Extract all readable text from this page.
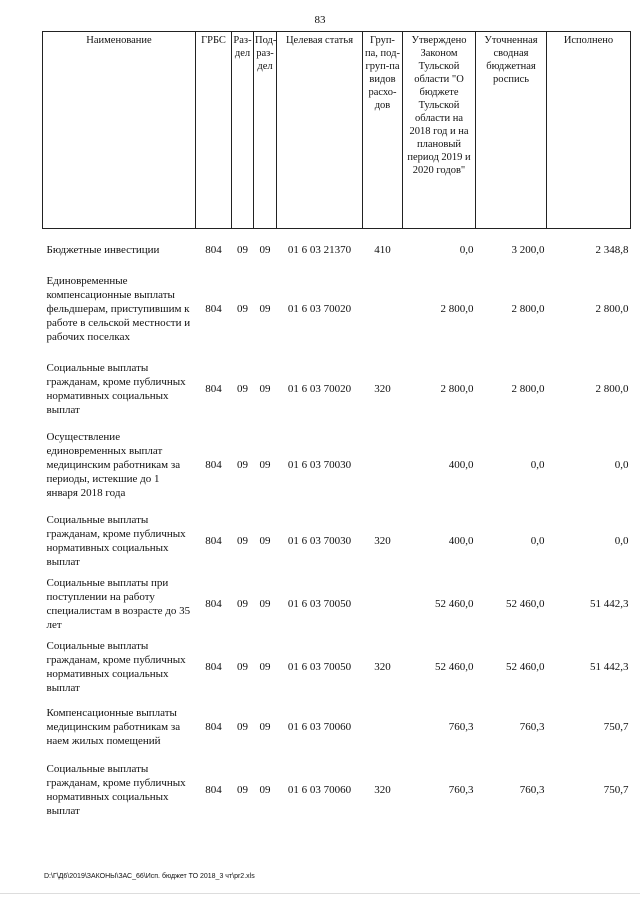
83
Наименование	ГРБС	Раз-дел	Под-раз-дел	Целевая статья	Груп-па, под-груп-па видов расхо-дов	Утверждено Законом Тульской области "О бюджете Тульской области на 2018 год и на плановый период 2019 и 2020 годов"	Уточненная сводная бюджетная роспись	Исполнено

Бюджетные инвестиции	804	09	09	01 6 03 21370	410	0,0	3 200,0	2 348,8
Единовременные компенсационные выплаты фельдшерам, приступившим к работе в сельской местности и рабочих поселках	804	09	09	01 6 03 70020		2 800,0	2 800,0	2 800,0
Социальные выплаты гражданам, кроме публичных нормативных социальных выплат	804	09	09	01 6 03 70020	320	2 800,0	2 800,0	2 800,0
Осуществление единовременных выплат медицинским работникам за периоды, истекшие до 1 января 2018 года	804	09	09	01 6 03 70030		400,0	0,0	0,0
Социальные выплаты гражданам, кроме публичных нормативных социальных выплат	804	09	09	01 6 03 70030	320	400,0	0,0	0,0
Социальные выплаты при поступлении на работу специалистам в возрасте до 35 лет	804	09	09	01 6 03 70050		52 460,0	52 460,0	51 442,3
Социальные выплаты гражданам, кроме публичных нормативных социальных выплат	804	09	09	01 6 03 70050	320	52 460,0	52 460,0	51 442,3
Компенсационные выплаты медицинским работникам за наем жилых помещений	804	09	09	01 6 03 70060		760,3	760,3	750,7
Социальные выплаты гражданам, кроме публичных нормативных социальных выплат	804	09	09	01 6 03 70060	320	760,3	760,3	750,7
D:\Г\Д6\2019\ЗАКОНЫ\ЗАС_66\Исп. бюджет ТО 2018_3 чт\pr2.xls
